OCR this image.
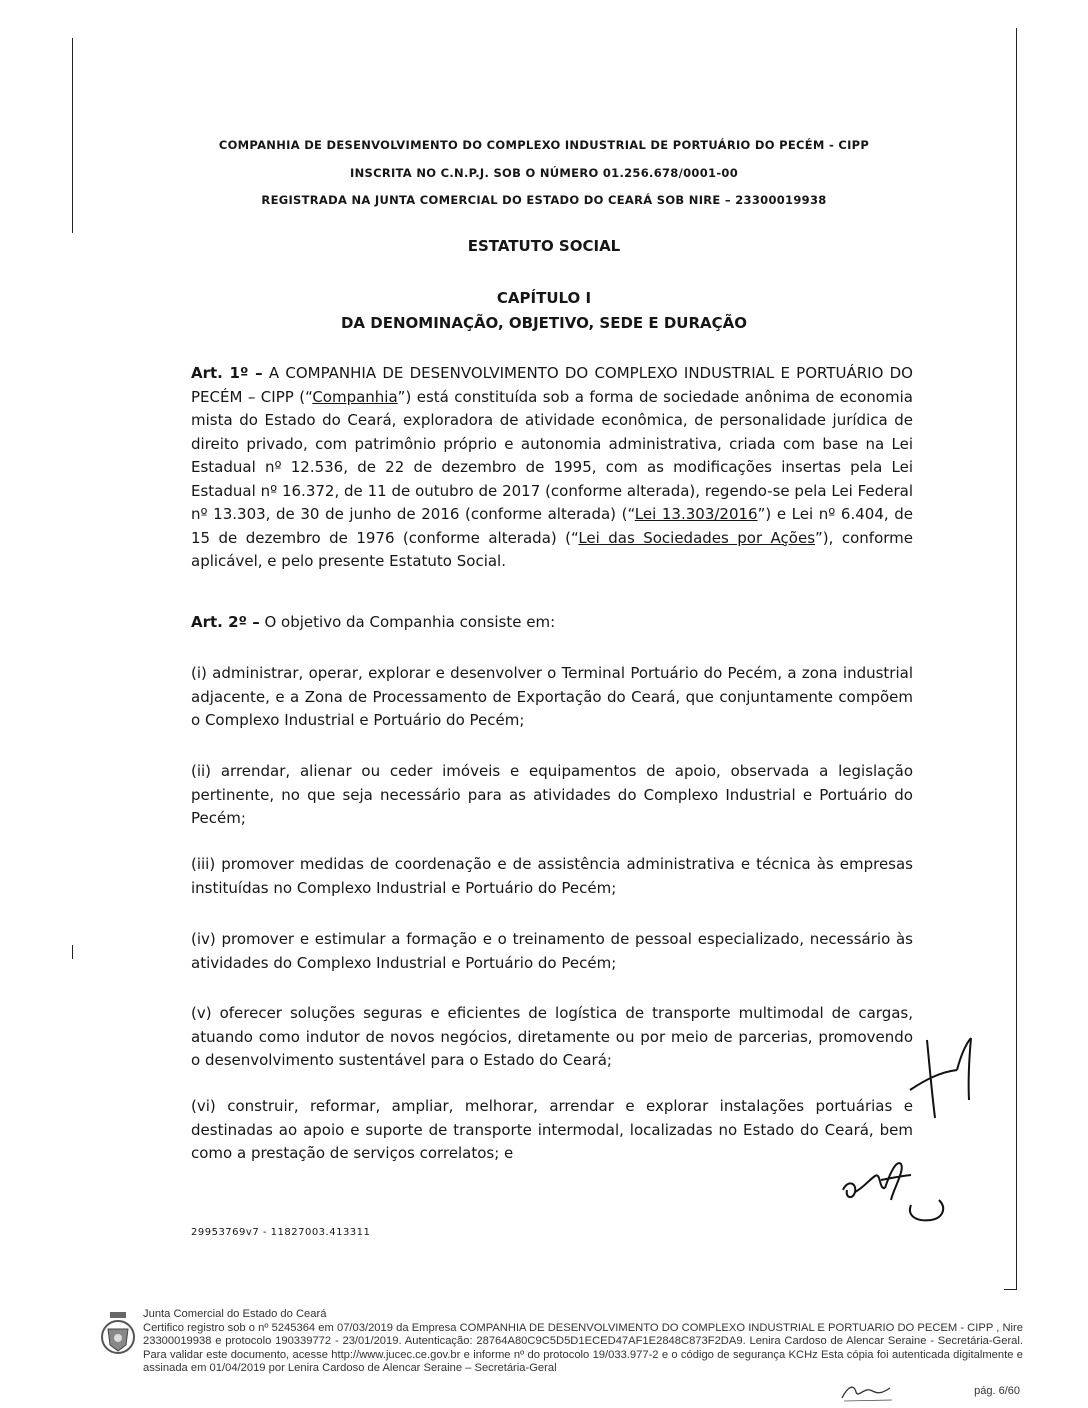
COMPANHIA DE DESENVOLVIMENTO DO COMPLEXO INDUSTRIAL DE PORTUÁRIO DO PECÉM - CIPP
INSCRITA NO C.N.P.J. SOB O NÚMERO 01.256.678/0001-00
REGISTRADA NA JUNTA COMERCIAL DO ESTADO DO CEARÁ SOB NIRE – 23300019938
ESTATUTO SOCIAL
CAPÍTULO I
DA DENOMINAÇÃO, OBJETIVO, SEDE E DURAÇÃO
Art. 1º – A COMPANHIA DE DESENVOLVIMENTO DO COMPLEXO INDUSTRIAL E PORTUÁRIO DO PECÉM – CIPP (“Companhia”) está constituída sob a forma de sociedade anônima de economia mista do Estado do Ceará, exploradora de atividade econômica, de personalidade jurídica de direito privado, com patrimônio próprio e autonomia administrativa, criada com base na Lei Estadual nº 12.536, de 22 de dezembro de 1995, com as modificações insertas pela Lei Estadual nº 16.372, de 11 de outubro de 2017 (conforme alterada), regendo-se pela Lei Federal nº 13.303, de 30 de junho de 2016 (conforme alterada) (“Lei 13.303/2016”) e Lei nº 6.404, de 15 de dezembro de 1976 (conforme alterada) (“Lei das Sociedades por Ações”), conforme aplicável, e pelo presente Estatuto Social.
Art. 2º – O objetivo da Companhia consiste em:
(i) administrar, operar, explorar e desenvolver o Terminal Portuário do Pecém, a zona industrial adjacente, e a Zona de Processamento de Exportação do Ceará, que conjuntamente compõem o Complexo Industrial e Portuário do Pecém;
(ii) arrendar, alienar ou ceder imóveis e equipamentos de apoio, observada a legislação pertinente, no que seja necessário para as atividades do Complexo Industrial e Portuário do Pecém;
(iii) promover medidas de coordenação e de assistência administrativa e técnica às empresas instituídas no Complexo Industrial e Portuário do Pecém;
(iv) promover e estimular a formação e o treinamento de pessoal especializado, necessário às atividades do Complexo Industrial e Portuário do Pecém;
(v) oferecer soluções seguras e eficientes de logística de transporte multimodal de cargas, atuando como indutor de novos negócios, diretamente ou por meio de parcerias, promovendo o desenvolvimento sustentável para o Estado do Ceará;
(vi) construir, reformar, ampliar, melhorar, arrendar e explorar instalações portuárias e destinadas ao apoio e suporte de transporte intermodal, localizadas no Estado do Ceará, bem como a prestação de serviços correlatos; e
29953769v7 - 11827003.413311
Junta Comercial do Estado do Ceará
Certifico registro sob o nº 5245364 em 07/03/2019 da Empresa COMPANHIA DE DESENVOLVIMENTO DO COMPLEXO INDUSTRIAL E PORTUARIO DO PECEM - CIPP , Nire 23300019938 e protocolo 190339772 - 23/01/2019. Autenticação: 28764A80C9C5D5D1ECED47AF1E2848C873F2DA9. Lenira Cardoso de Alencar Seraine - Secretária-Geral. Para validar este documento, acesse http://www.jucec.ce.gov.br e informe nº do protocolo 19/033.977-2 e o código de segurança KCHz Esta cópia foi autenticada digitalmente e assinada em 01/04/2019 por Lenira Cardoso de Alencar Seraine – Secretária-Geral
pág. 6/60
